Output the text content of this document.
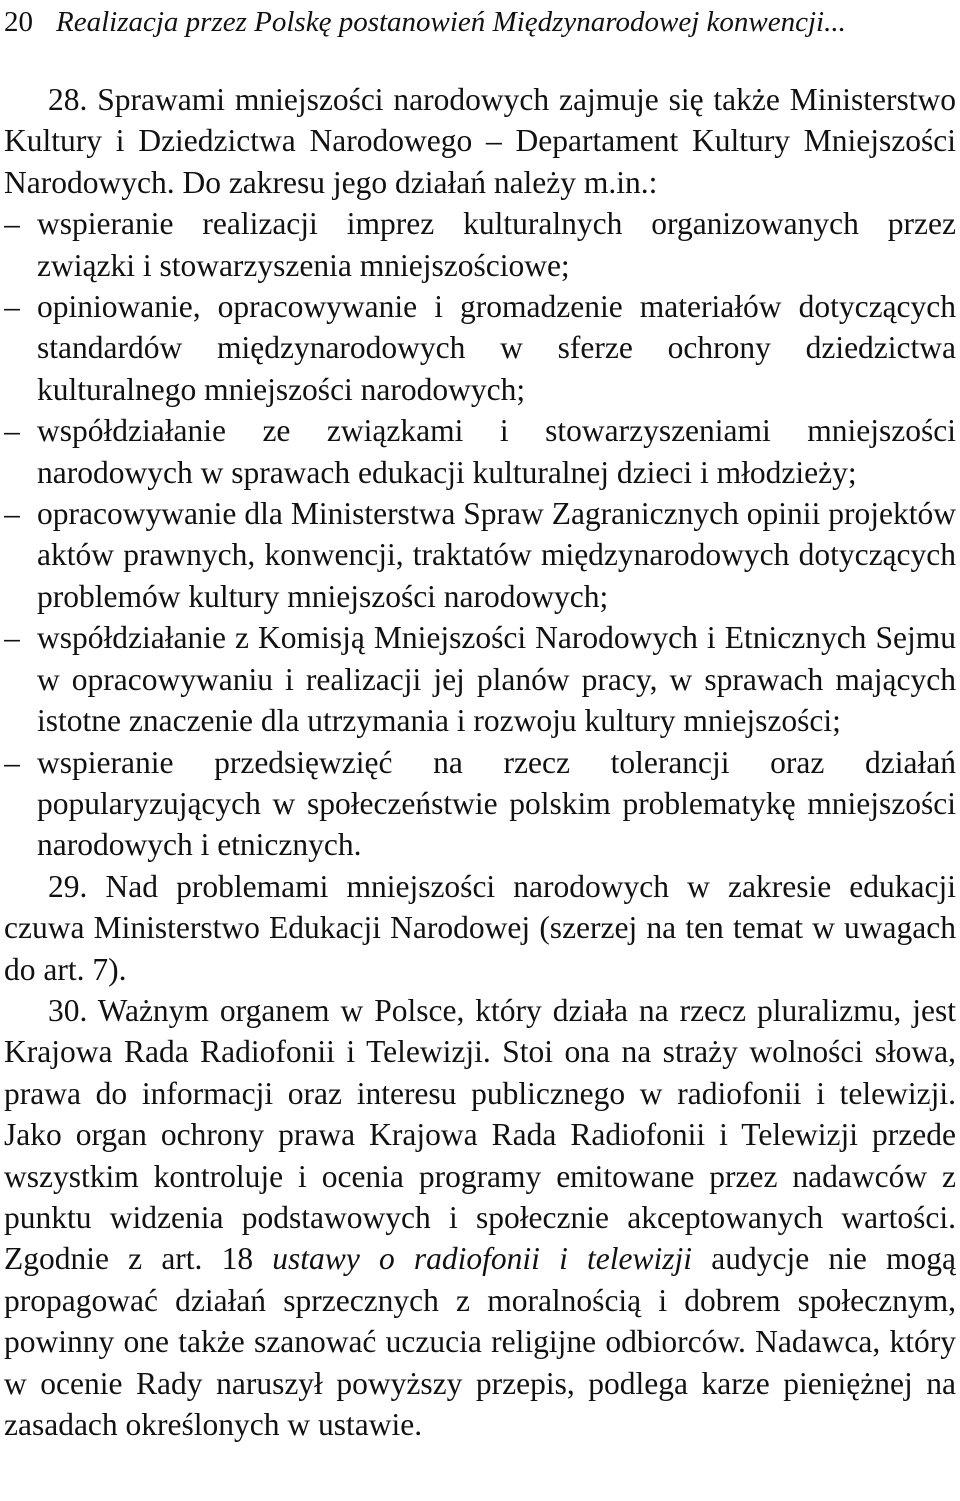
20 Realizacja przez Polskę postanowień Międzynarodowej konwencji...

28. Sprawami mniejszości narodowych zajmuje się także Ministerstwo Kultury i Dziedzictwa Narodowego – Departament Kultury Mniejszości Narodowych. Do zakresu jego działań należy m.in.:

– wspieranie realizacji imprez kulturalnych organizowanych przez związki i stowarzyszenia mniejszościowe;
– opiniowanie, opracowywanie i gromadzenie materiałów dotyczących standardów międzynarodowych w sferze ochrony dziedzictwa kulturalnego mniejszości narodowych;
– współdziałanie ze związkami i stowarzyszeniami mniejszości narodowych w sprawach edukacji kulturalnej dzieci i młodzieży;
– opracowywanie dla Ministerstwa Spraw Zagranicznych opinii projektów aktów prawnych, konwencji, traktatów międzynarodowych dotyczących problemów kultury mniejszości narodowych;
– współdziałanie z Komisją Mniejszości Narodowych i Etnicznych Sejmu w opracowywaniu i realizacji jej planów pracy, w sprawach mających istotne znaczenie dla utrzymania i rozwoju kultury mniejszości;
– wspieranie przedsięwzięć na rzecz tolerancji oraz działań popularyzujących w społeczeństwie polskim problematykę mniejszości narodowych i etnicznych.

29. Nad problemami mniejszości narodowych w zakresie edukacji czuwa Ministerstwo Edukacji Narodowej (szerzej na ten temat w uwagach do art. 7).

30. Ważnym organem w Polsce, który działa na rzecz pluralizmu, jest Krajowa Rada Radiofonii i Telewizji. Stoi ona na straży wolności słowa, prawa do informacji oraz interesu publicznego w radiofonii i telewizji. Jako organ ochrony prawa Krajowa Rada Radiofonii i Telewizji przede wszystkim kontroluje i ocenia programy emitowane przez nadawców z punktu widzenia podstawowych i społecznie akceptowanych wartości. Zgodnie z art. 18 ustawy o radiofonii i telewizji audycje nie mogą propagować działań sprzecznych z moralnością i dobrem społecznym, powinny one także szanować uczucia religijne odbiorców. Nadawca, który w ocenie Rady naruszył powyższy przepis, podlega karze pieniężnej na zasadach określonych w ustawie.
